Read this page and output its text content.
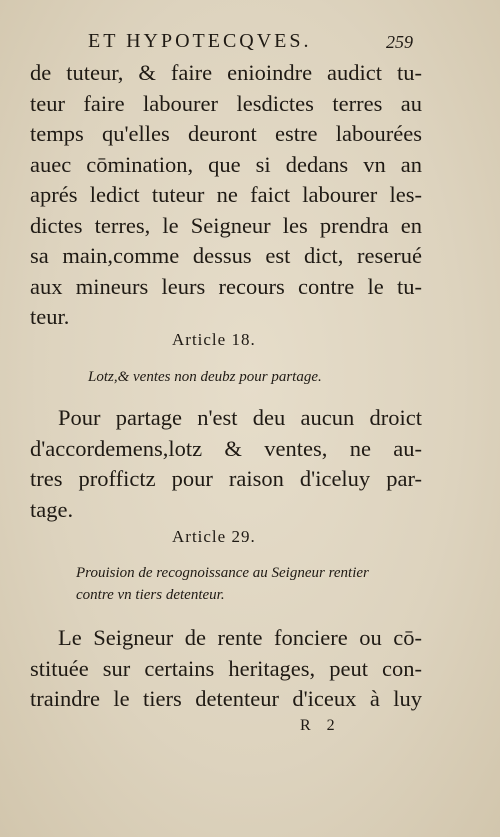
ET HYPOTECQVES.	259
de tuteur, & faire enioindre audict tu-
teur faire labourer lesdictes terres au
temps qu'elles deuront estre labourées
auec cōmination, que si dedans vn an
aprés ledict tuteur ne faict labourer les-
dictes terres, le Seigneur les prendra en
sa main,comme dessus est dict, reserué
aux mineurs leurs recours contre le tu-
teur.
Article 18.
Lotz,& ventes non deubz pour partage.
Pour partage n'est deu aucun droict
d'accordemens,lotz & ventes, ne au-
tres proffictz pour raison d'iceluy par-
tage.
Article 29.
Prouision de recognoissance au Seigneur rentier
contre vn tiers detenteur.
Le Seigneur de rente fonciere ou cō-
stituée sur certains heritages, peut con-
traindre le tiers detenteur d'iceux à luy
R 2
